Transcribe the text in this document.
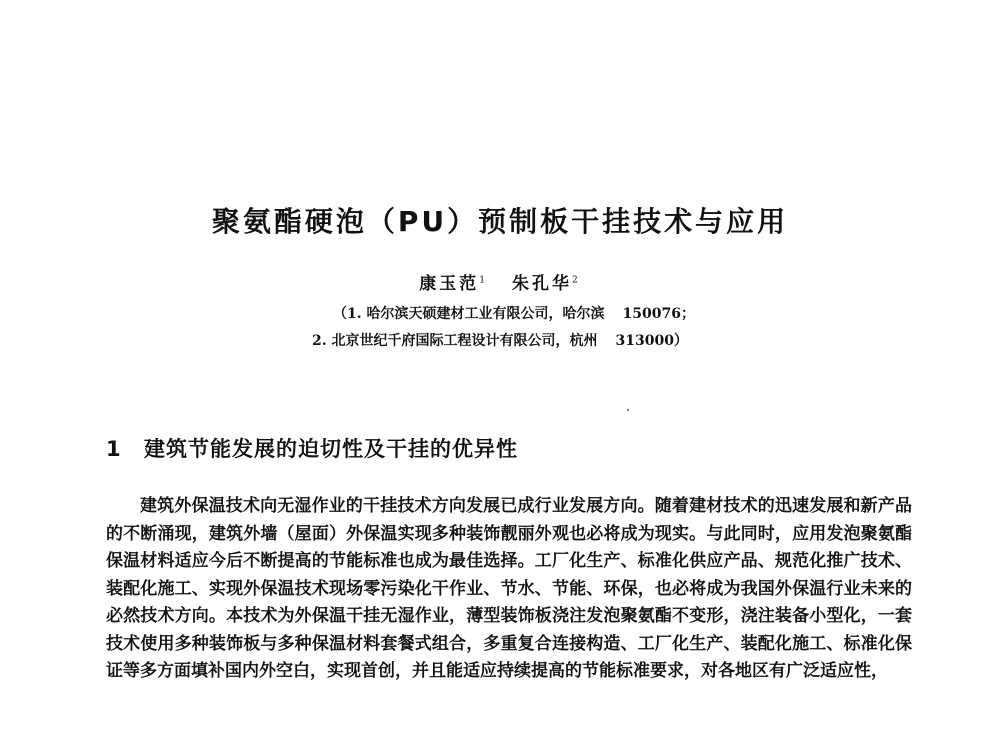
聚氨酯硬泡（PU）预制板干挂技术与应用
康玉范$^1$ 朱孔华$^2$
（1. 哈尔滨天硕建材工业有限公司，哈尔滨 150076；
2. 北京世纪千府国际工程设计有限公司，杭州 313000）
1 建筑节能发展的迫切性及干挂的优异性

建筑外保温技术向无湿作业的干挂技术方向发展已成行业发展方向。随着建材技术的迅速发展和新产品的不断涌现，建筑外墙（屋面）外保温实现多种装饰靓丽外观也必将成为现实。与此同时，应用发泡聚氨酯保温材料适应今后不断提高的节能标准也成为最佳选择。工厂化生产、标准化供应产品、规范化推广技术、装配化施工、实现外保温技术现场零污染化干作业、节水、节能、环保，也必将成为我国外保温行业未来的必然技术方向。本技术为外保温干挂无湿作业，薄型装饰板浇注发泡聚氨酯不变形，浇注装备小型化，一套技术使用多种装饰板与多种保温材料套餐式组合，多重复合连接构造、工厂化生产、装配化施工、标准化保证等多方面填补国内外空白，实现首创，并且能适应持续提高的节能标准要求，对各地区有广泛适应性，
